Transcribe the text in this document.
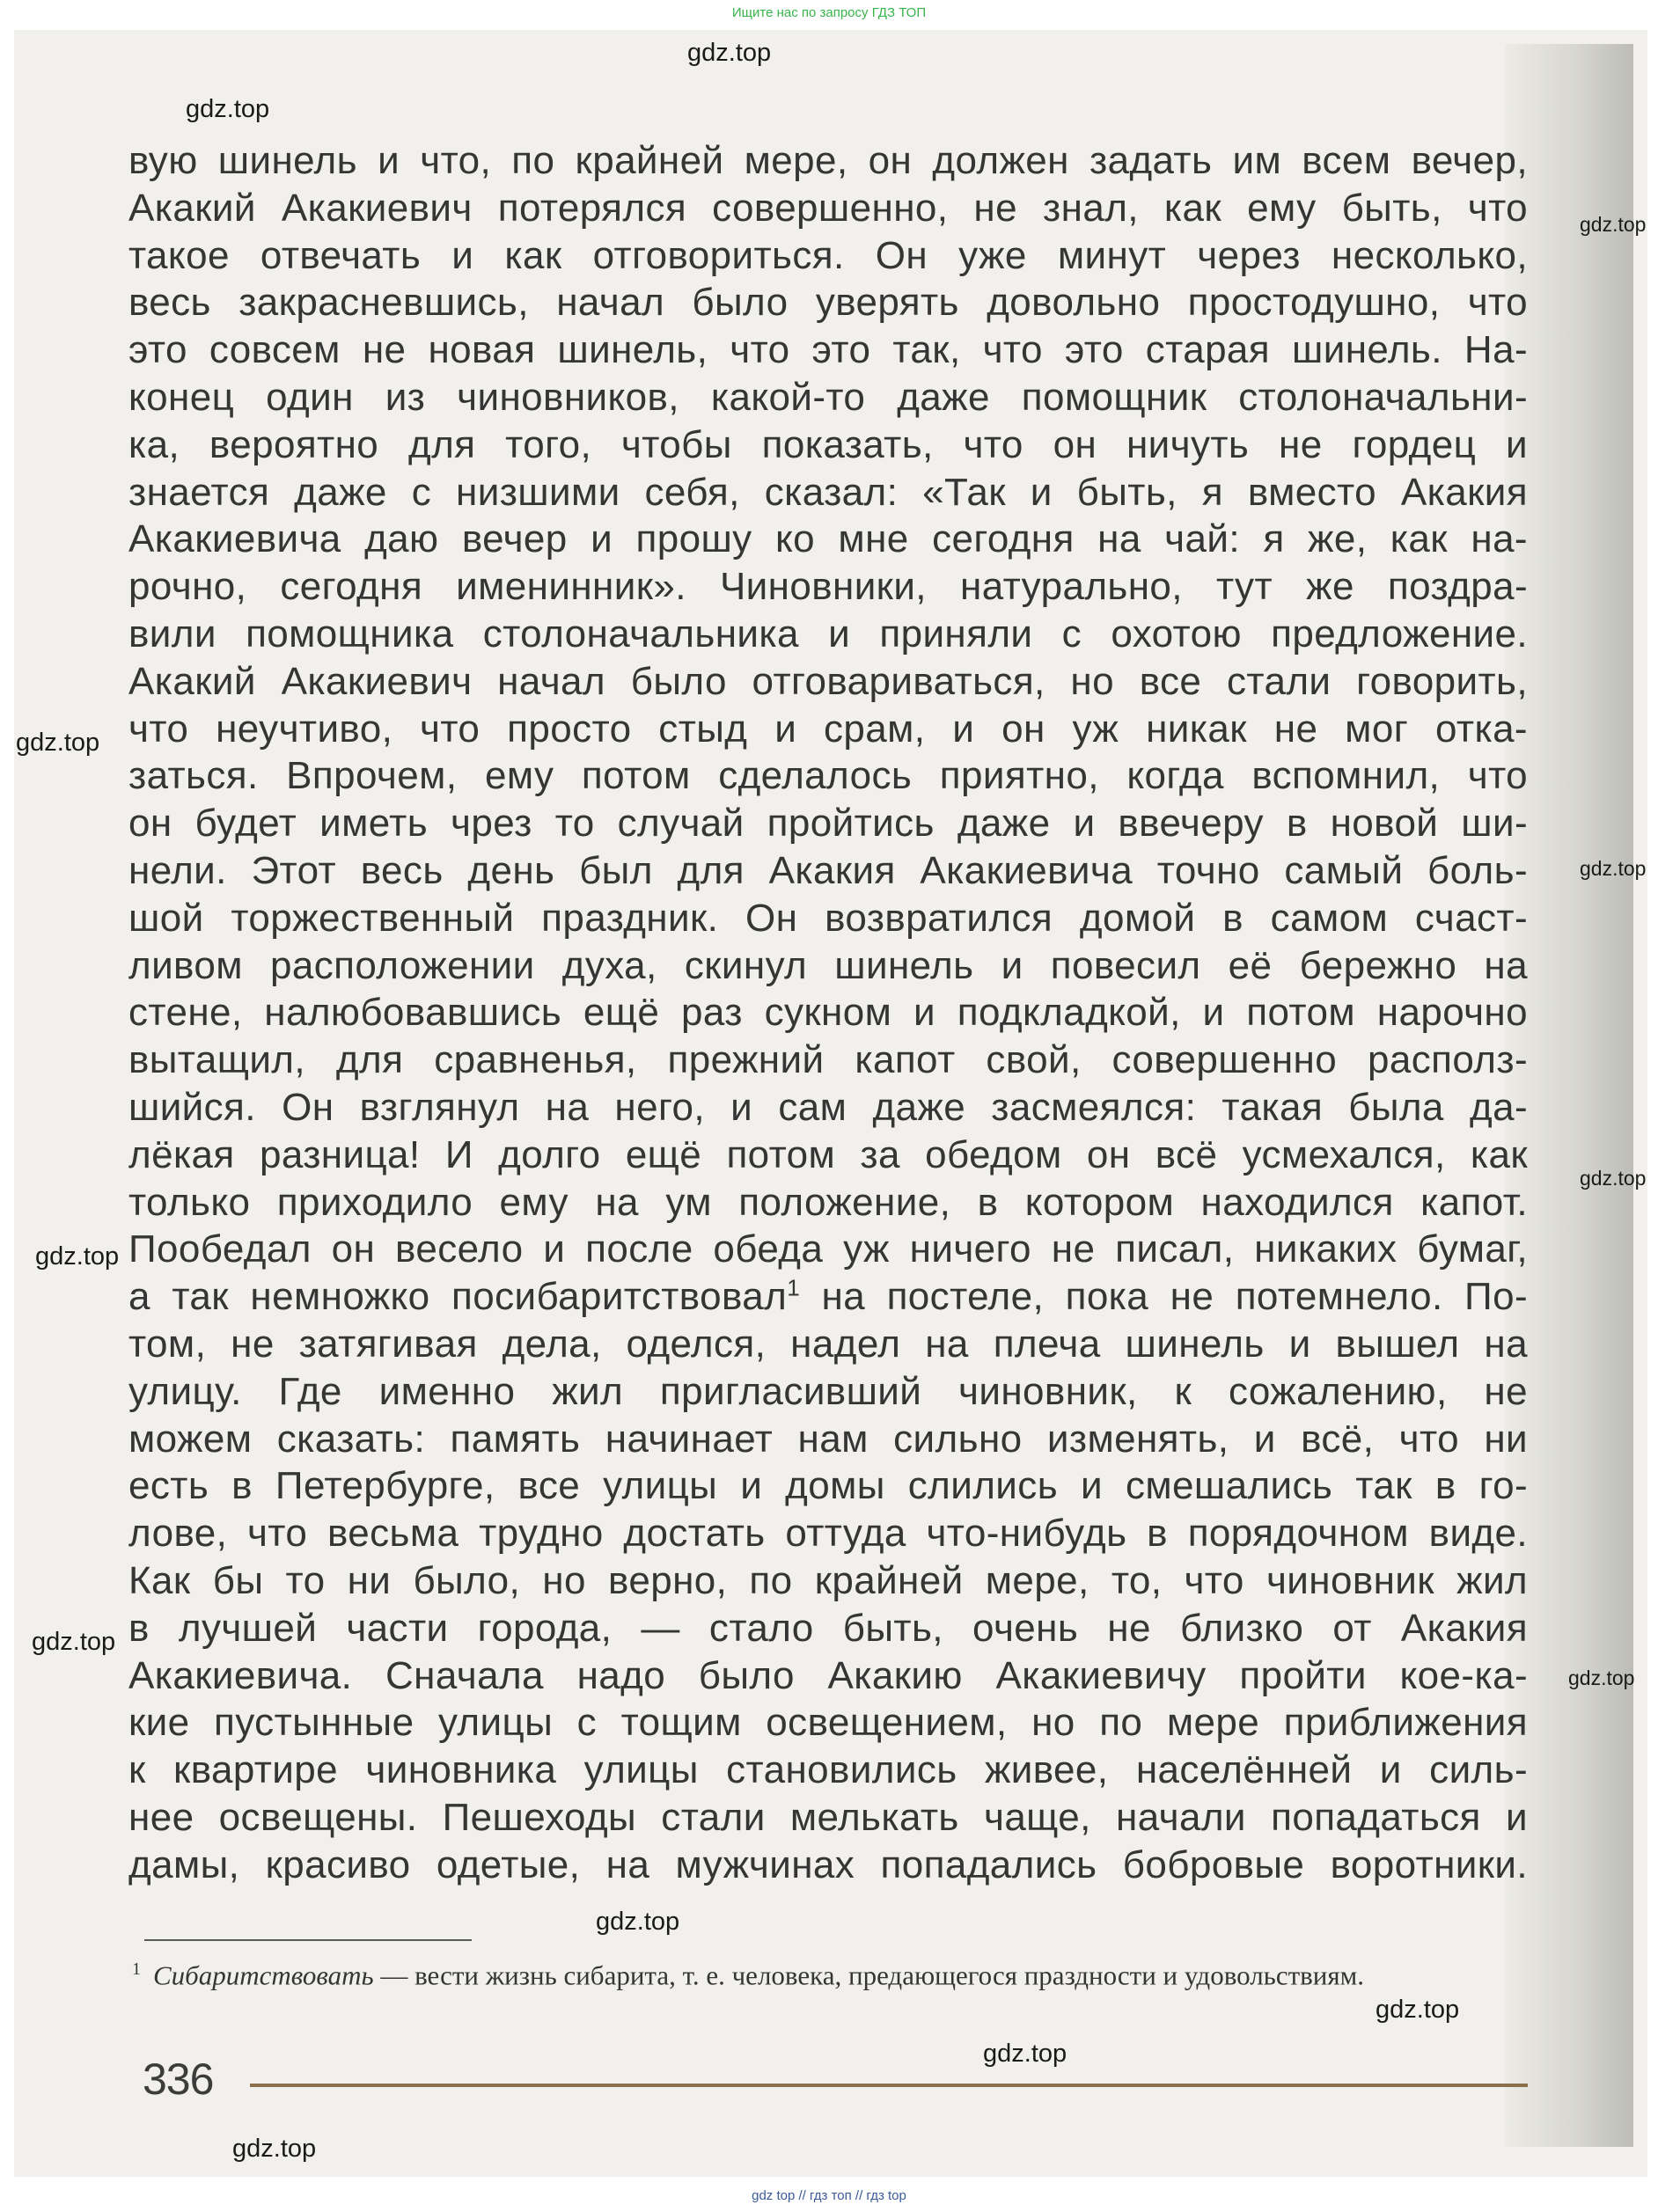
Ищите нас по запросу ГДЗ ТОП
вую шинель и что, по крайней мере, он должен задать им всем вечер,
Акакий Акакиевич потерялся совершенно, не знал, как ему быть, что
такое отвечать и как отговориться. Он уже минут через несколько,
весь закрасневшись, начал было уверять довольно простодушно, что
это совсем не новая шинель, что это так, что это старая шинель. На-
конец один из чиновников, какой-то даже помощник столоначальни-
ка, вероятно для того, чтобы показать, что он ничуть не гордец и
знается даже с низшими себя, сказал: «Так и быть, я вместо Акакия
Акакиевича даю вечер и прошу ко мне сегодня на чай: я же, как на-
рочно, сегодня именинник». Чиновники, натурально, тут же поздра-
вили помощника столоначальника и приняли с охотою предложение.
Акакий Акакиевич начал было отговариваться, но все стали говорить,
что неучтиво, что просто стыд и срам, и он уж никак не мог отка-
заться. Впрочем, ему потом сделалось приятно, когда вспомнил, что
он будет иметь чрез то случай пройтись даже и ввечеру в новой ши-
нели. Этот весь день был для Акакия Акакиевича точно самый боль-
шой торжественный праздник. Он возвратился домой в самом счаст-
ливом расположении духа, скинул шинель и повесил её бережно на
стене, налюбовавшись ещё раз сукном и подкладкой, и потом нарочно
вытащил, для сравненья, прежний капот свой, совершенно располз-
шийся. Он взглянул на него, и сам даже засмеялся: такая была да-
лёкая разница! И долго ещё потом за обедом он всё усмехался, как
только приходило ему на ум положение, в котором находился капот.
Пообедал он весело и после обеда уж ничего не писал, никаких бумаг,
а так немножко посибаритствовал$^1$ на постеле, пока не потемнело. По-
том, не затягивая дела, оделся, надел на плеча шинель и вышел на
улицу. Где именно жил пригласивший чиновник, к сожалению, не
можем сказать: память начинает нам сильно изменять, и всё, что ни
есть в Петербурге, все улицы и домы слились и смешались так в го-
лове, что весьма трудно достать оттуда что-нибудь в порядочном виде.
Как бы то ни было, но верно, по крайней мере, то, что чиновник жил
в лучшей части города, — стало быть, очень не близко от Акакия
Акакиевича. Сначала надо было Акакию Акакиевичу пройти кое-ка-
кие пустынные улицы с тощим освещением, но по мере приближения
к квартире чиновника улицы становились живее, населённей и силь-
нее освещены. Пешеходы стали мелькать чаще, начали попадаться и
дамы, красиво одетые, на мужчинах попадались бобровые воротники.
$^1$ Сибаритствовать — вести жизнь сибарита, т. е. человека, предающегося праздности и удовольствиям.
336
gdz.top
gdz.top
gdz.top
gdz.top
gdz.top
gdz.top
gdz.top
gdz.top
gdz.top
gdz.top
gdz.top
gdz.top
gdz.top
gdz top // гдз топ // гдз top
